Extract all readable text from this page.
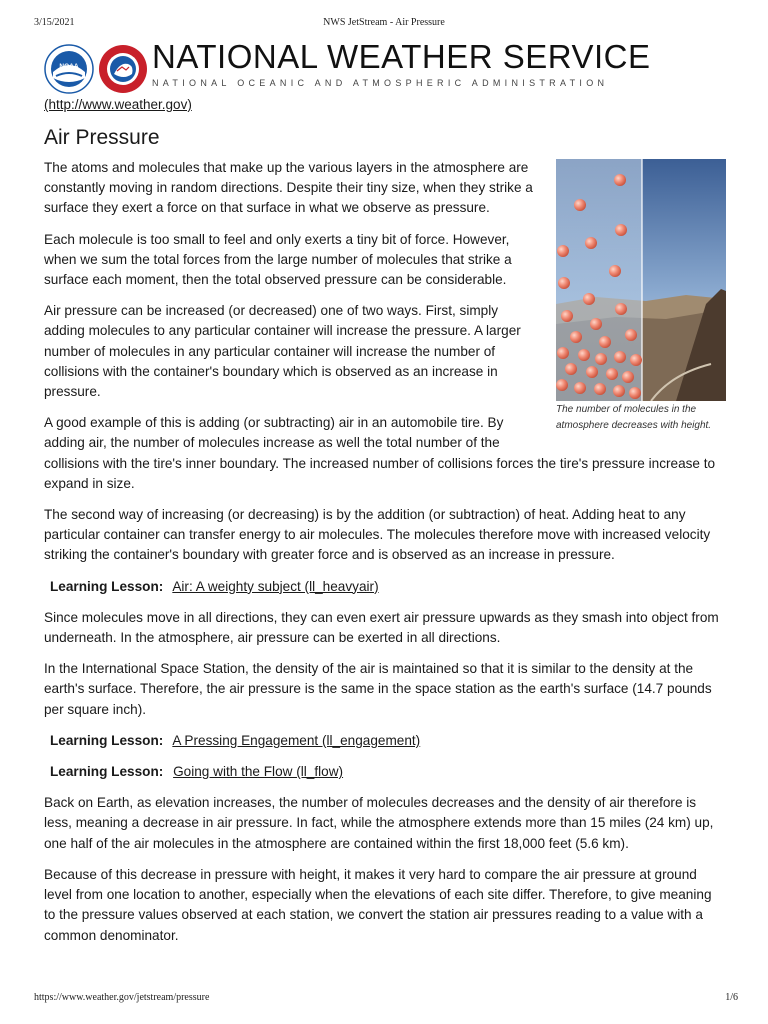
3/15/2021	NWS JetStream - Air Pressure
NOAA NATIONAL WEATHER SERVICE
NATIONAL OCEANIC AND ATMOSPHERIC ADMINISTRATION
(http://www.weather.gov)
Air Pressure
The number of molecules in the atmosphere decreases with height.

The atoms and molecules that make up the various layers in the atmosphere are constantly moving in random directions. Despite their tiny size, when they strike a surface they exert a force on that surface in what we observe as pressure.

Each molecule is too small to feel and only exerts a tiny bit of force. However, when we sum the total forces from the large number of molecules that strike a surface each moment, then the total observed pressure can be considerable.

Air pressure can be increased (or decreased) one of two ways. First, simply adding molecules to any particular container will increase the pressure. A larger number of molecules in any particular container will increase the number of collisions with the container's boundary which is observed as an increase in pressure.

A good example of this is adding (or subtracting) air in an automobile tire. By adding air, the number of molecules increase as well the total number of the collisions with the tire's inner boundary. The increased number of collisions forces the tire's pressure increase to expand in size.

The second way of increasing (or decreasing) is by the addition (or subtraction) of heat. Adding heat to any particular container can transfer energy to air molecules. The molecules therefore move with increased velocity striking the container's boundary with greater force and is observed as an increase in pressure.

Learning Lesson: Air: A weighty subject (ll_heavyair)

Since molecules move in all directions, they can even exert air pressure upwards as they smash into object from underneath. In the atmosphere, air pressure can be exerted in all directions.

In the International Space Station, the density of the air is maintained so that it is similar to the density at the earth's surface. Therefore, the air pressure is the same in the space station as the earth's surface (14.7 pounds per square inch).

Learning Lesson: A Pressing Engagement (ll_engagement)
Learning Lesson: Going with the Flow (ll_flow)

Back on Earth, as elevation increases, the number of molecules decreases and the density of air therefore is less, meaning a decrease in air pressure. In fact, while the atmosphere extends more than 15 miles (24 km) up, one half of the air molecules in the atmosphere are contained within the first 18,000 feet (5.6 km).

Because of this decrease in pressure with height, it makes it very hard to compare the air pressure at ground level from one location to another, especially when the elevations of each site differ. Therefore, to give meaning to the pressure values observed at each station, we convert the station air pressures reading to a value with a common denominator.

https://www.weather.gov/jetstream/pressure	1/6
